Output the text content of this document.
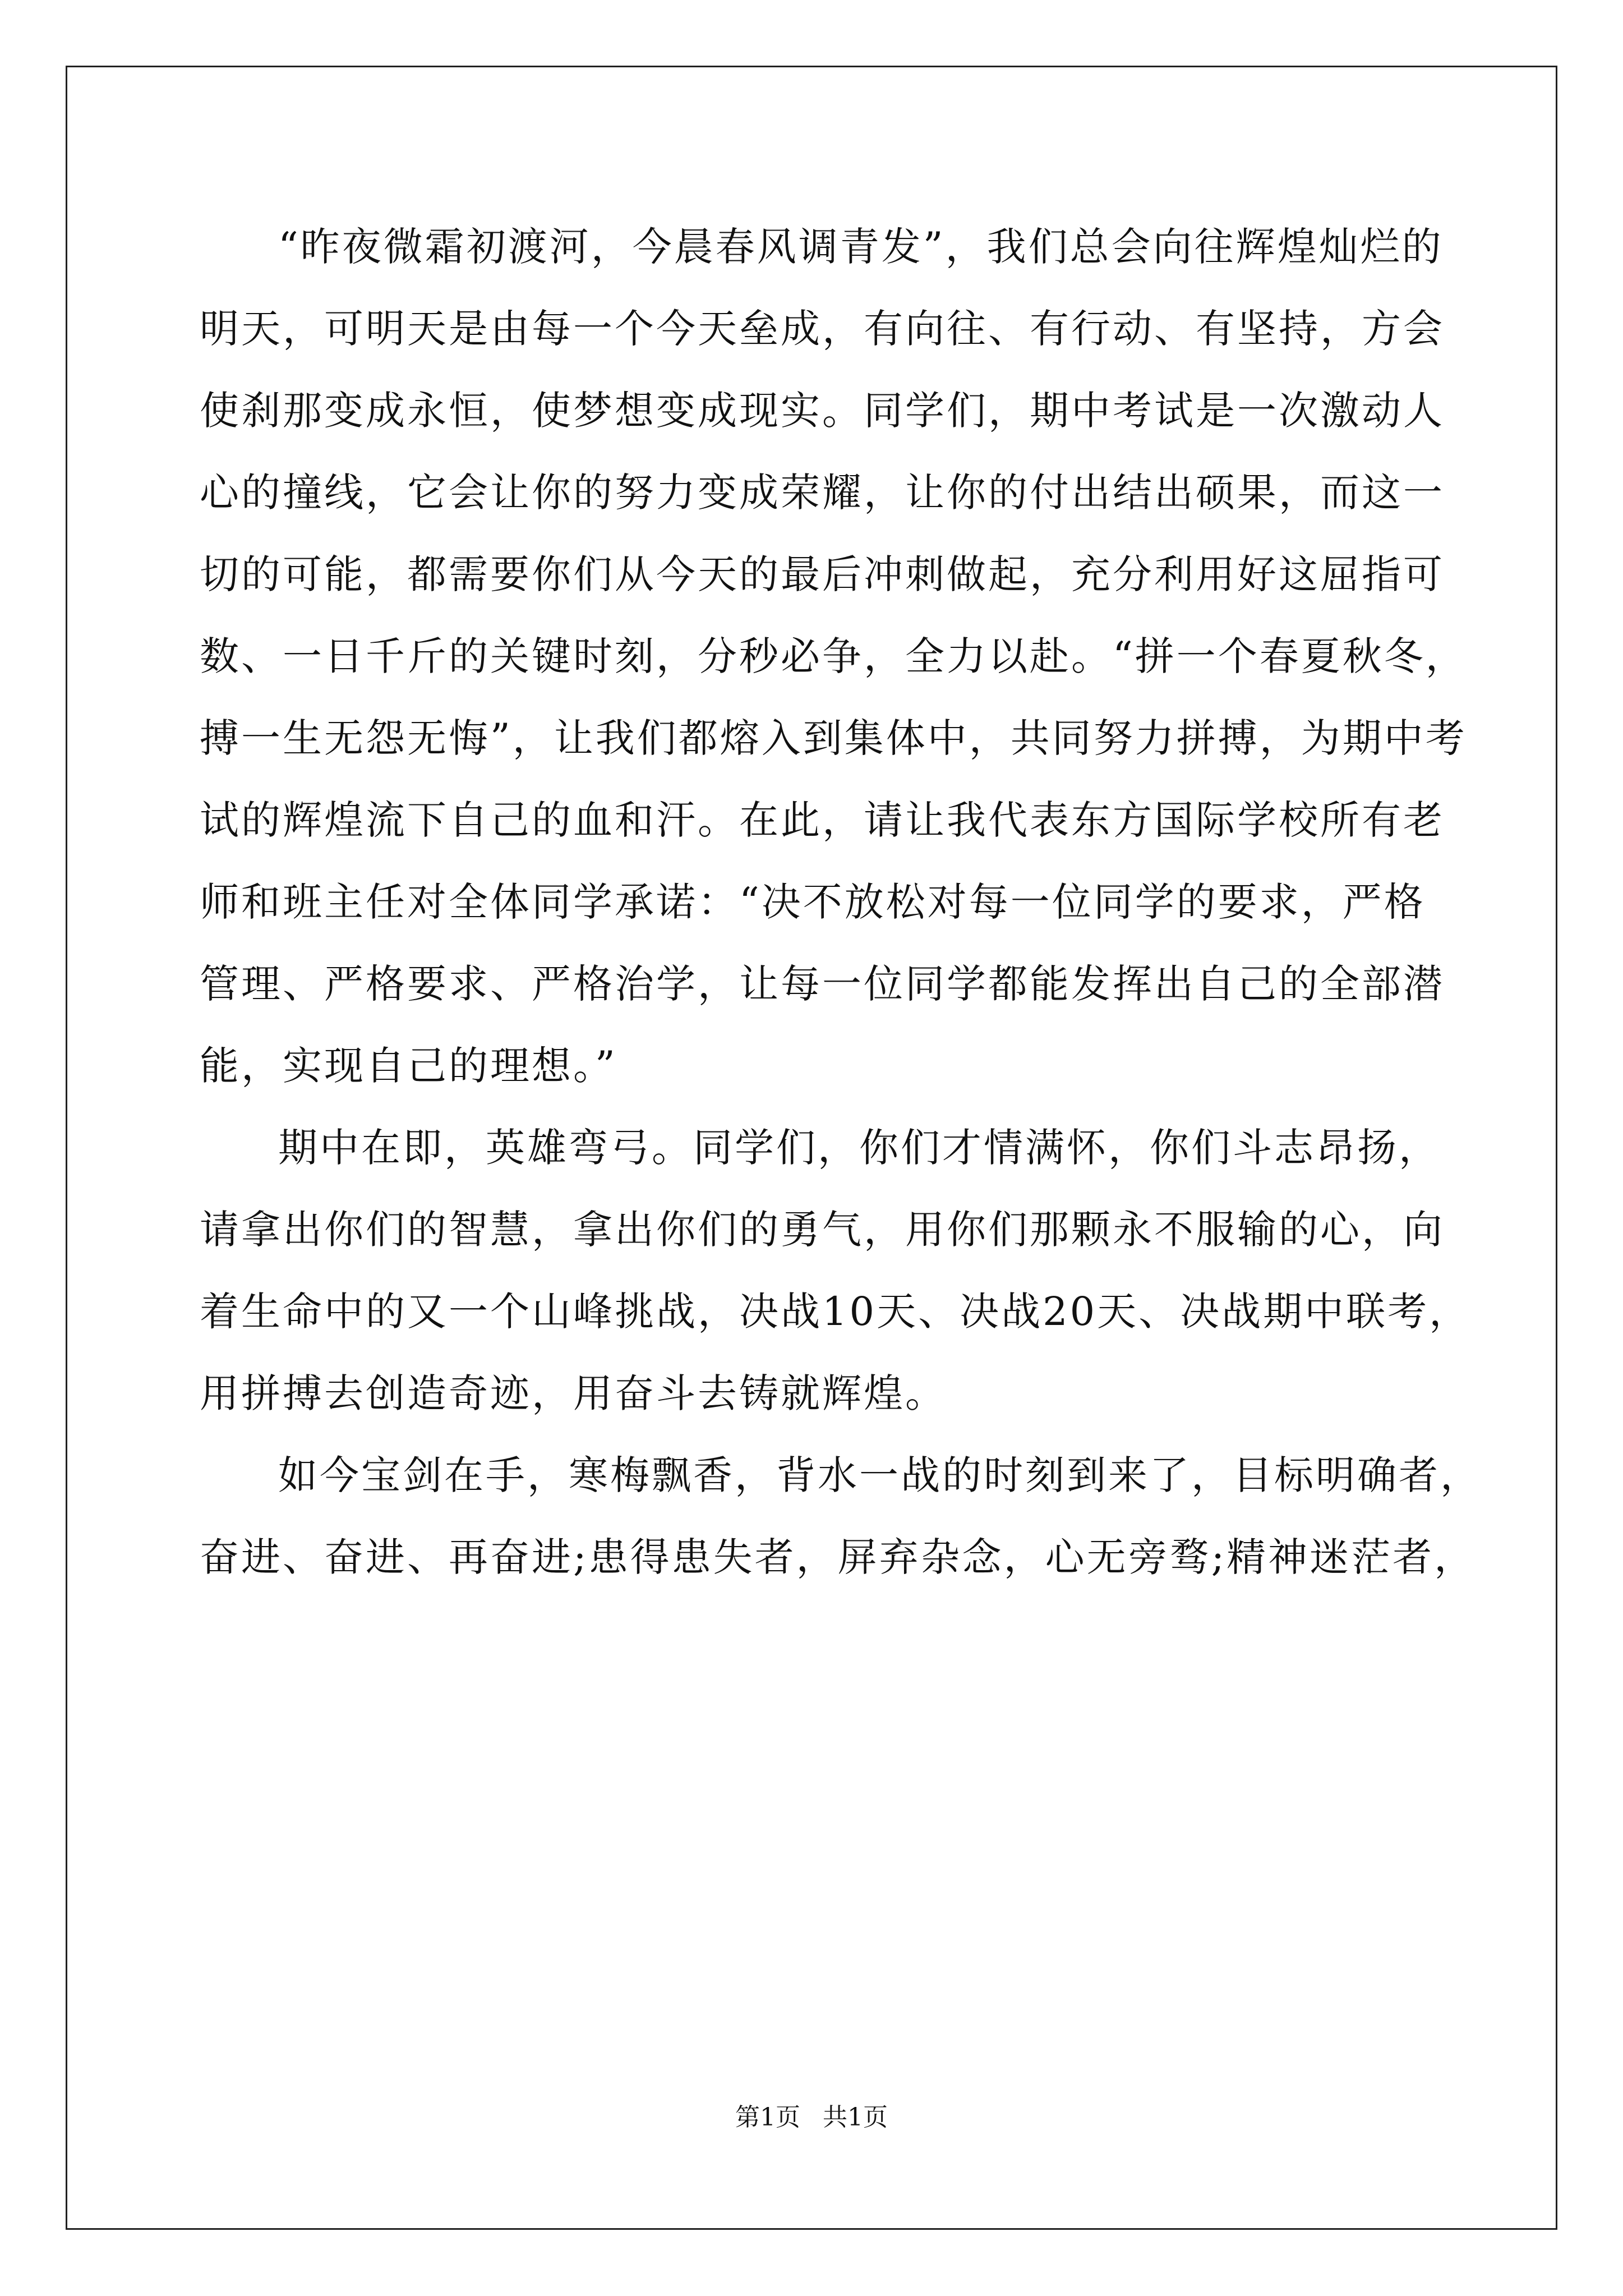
“昨夜微霜初渡河，今晨春风调青发”，我们总会向往辉煌灿烂的
明天，可明天是由每一个今天垒成，有向往、有行动、有坚持，方会
使刹那变成永恒，使梦想变成现实。同学们，期中考试是一次激动人
心的撞线，它会让你的努力变成荣耀，让你的付出结出硕果，而这一
切的可能，都需要你们从今天的最后冲刺做起，充分利用好这屈指可
数、一日千斤的关键时刻，分秒必争，全力以赴。“拼一个春夏秋冬，
搏一生无怨无悔”，让我们都熔入到集体中，共同努力拼搏，为期中考
试的辉煌流下自己的血和汗。在此，请让我代表东方国际学校所有老
师和班主任对全体同学承诺：“决不放松对每一位同学的要求，严格
管理、严格要求、严格治学，让每一位同学都能发挥出自己的全部潜
能，实现自己的理想。”
期中在即，英雄弯弓。同学们，你们才情满怀，你们斗志昂扬，
请拿出你们的智慧，拿出你们的勇气，用你们那颗永不服输的心，向
着生命中的又一个山峰挑战，决战10天、决战20天、决战期中联考，
用拼搏去创造奇迹，用奋斗去铸就辉煌。
如今宝剑在手，寒梅飘香，背水一战的时刻到来了，目标明确者，
奋进、奋进、再奋进;患得患失者，屏弃杂念，心无旁骛;精神迷茫者，
第1页 共1页
